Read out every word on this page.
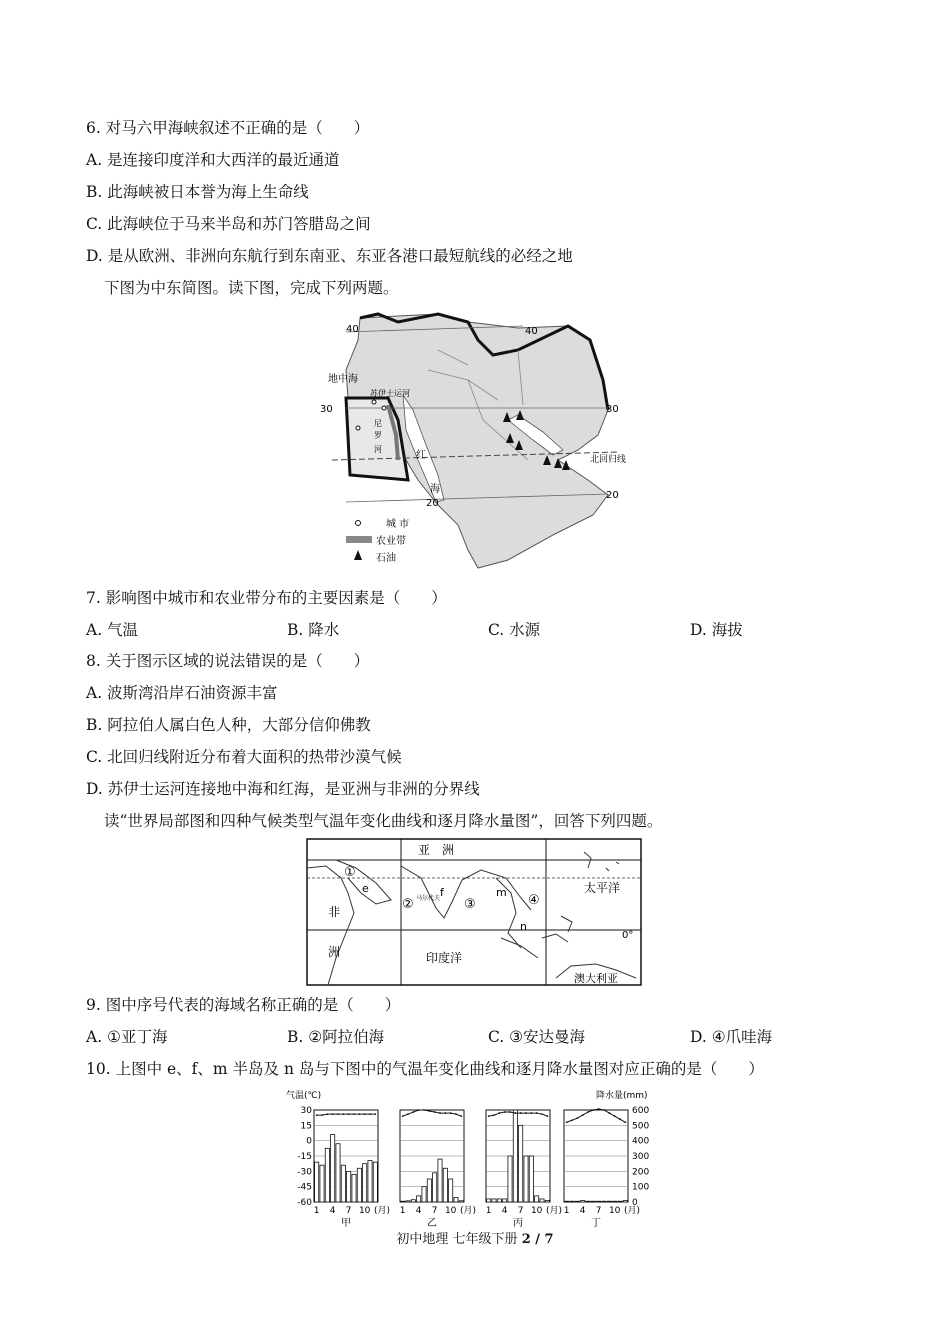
6. 对马六甲海峡叙述不正确的是（　　）
A. 是连接印度洋和大西洋的最近通道
B. 此海峡被日本誉为海上生命线
C. 此海峡位于马来半岛和苏门答腊岛之间
D. 是从欧洲、非洲向东航行到东南亚、东亚各港口最短航线的必经之地
下图为中东简图。读下图，完成下列两题。
40	40
30	30
20
20
地中海
苏伊士运河
尼
罗
河
红
海
北回归线
城 市
农业带
石油
7. 影响图中城市和农业带分布的主要因素是（　　）
A. 气温	B. 降水	C. 水源	D. 海拔
8. 关于图示区域的说法错误的是（　　）
A. 波斯湾沿岸石油资源丰富
B. 阿拉伯人属白色人种，大部分信仰佛教
C. 北回归线附近分布着大面积的热带沙漠气候
D. 苏伊士运河连接地中海和红海，是亚洲与非洲的分界线
读“世界局部图和四种气候类型气温年变化曲线和逐月降水量图”，回答下列四题。
亚　洲
①
e
非	② 马尔代夫 f
③
m
④
n
太平洋
洲	印度洋
0°
澳大利亚
9. 图中序号代表的海域名称正确的是（　　）
A. ①亚丁海	B. ②阿拉伯海	C. ③安达曼海	D. ④爪哇海
10. 上图中 e、f、m 半岛及 n 岛与下图中的气温年变化曲线和逐月降水量图对应正确的是（　　）
气温(℃)	降水量(mm)
30
15
0
-15
-30
-45
-60
600
500
400
300
200
100
0
1 4 7 10 (月)
甲
1 4 7 10 (月)
乙
1 4 7 10 (月)
丙
1 4 7 10 (月)
丁
初中地理 七年级下册 2 / 7
